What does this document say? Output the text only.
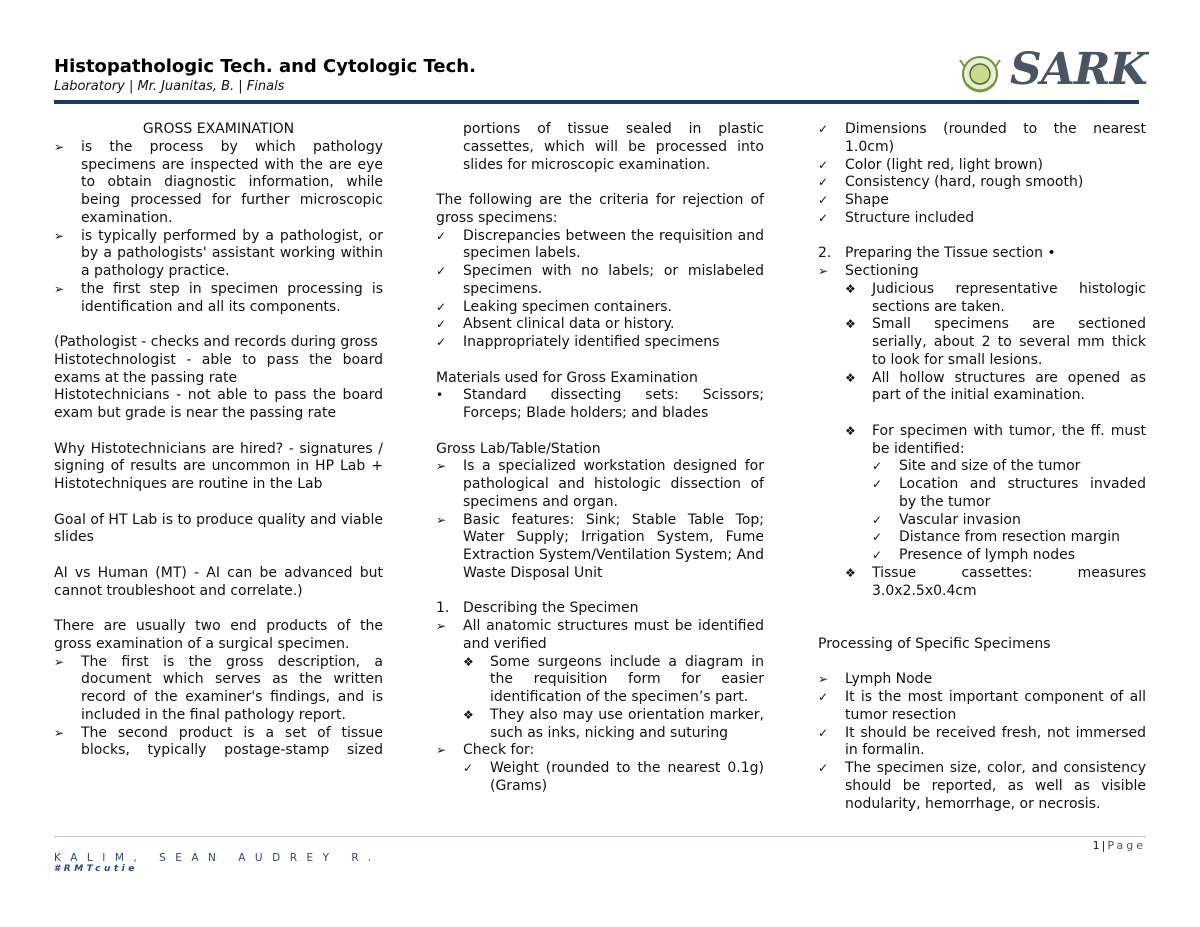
Histopathologic Tech. and Cytologic Tech.
Laboratory | Mr. Juanitas, B. | Finals	SARK
GROSS EXAMINATION
➢	is the process by which pathology specimens are inspected with the are eye to obtain diagnostic information, while being processed for further microscopic examination.
➢	is typically performed by a pathologist, or by a pathologists' assistant working within a pathology practice.
➢	the first step in specimen processing is identification and all its components.
(Pathologist - checks and records during gross
Histotechnologist - able to pass the board exams at the passing rate
Histotechnicians - not able to pass the board exam but grade is near the passing rate
Why Histotechnicians are hired? - signatures / signing of results are uncommon in HP Lab + Histotechniques are routine in the Lab
Goal of HT Lab is to produce quality and viable slides
AI vs Human (MT) - AI can be advanced but cannot troubleshoot and correlate.)
There are usually two end products of the gross examination of a surgical specimen.
➢	The first is the gross description, a document which serves as the written record of the examiner's findings, and is included in the final pathology report.
➢	The second product is a set of tissue blocks, typically postage-stamp sized
portions of tissue sealed in plastic cassettes, which will be processed into slides for microscopic examination.
The following are the criteria for rejection of gross specimens:
✓	Discrepancies between the requisition and specimen labels.
✓	Specimen with no labels; or mislabeled specimens.
✓	Leaking specimen containers.
✓	Absent clinical data or history.
✓	Inappropriately identified specimens
Materials used for Gross Examination
•	Standard dissecting sets: Scissors; Forceps; Blade holders; and blades
Gross Lab/Table/Station
➢	Is a specialized workstation designed for pathological and histologic dissection of specimens and organ.
➢	Basic features: Sink; Stable Table Top; Water Supply; Irrigation System, Fume Extraction System/Ventilation System; And Waste Disposal Unit
1. Describing the Specimen
➢	All anatomic structures must be identified and verified
❖	Some surgeons include a diagram in the requisition form for easier identification of the specimen’s part.
❖	They also may use orientation marker, such as inks, nicking and suturing
➢	Check for:
✓	Weight (rounded to the nearest 0.1g) (Grams)
✓	Dimensions (rounded to the nearest 1.0cm)
✓	Color (light red, light brown)
✓	Consistency (hard, rough smooth)
✓	Shape
✓	Structure included
2. Preparing the Tissue section •
➢	Sectioning
❖	Judicious representative histologic sections are taken.
❖	Small specimens are sectioned serially, about 2 to several mm thick to look for small lesions.
❖	All hollow structures are opened as part of the initial examination.
❖	For specimen with tumor, the ff. must be identified:
✓	Site and size of the tumor
✓	Location and structures invaded by the tumor
✓	Vascular invasion
✓	Distance from resection margin
✓	Presence of lymph nodes
❖	Tissue cassettes: measures 3.0x2.5x0.4cm
Processing of Specific Specimens
➢	Lymph Node
✓	It is the most important component of all tumor resection
✓	It should be received fresh, not immersed in formalin.
✓	The specimen size, color, and consistency should be reported, as well as visible nodularity, hemorrhage, or necrosis.
1 | Page
KALIM, SEAN AUDREY R.
#RMTcutie
